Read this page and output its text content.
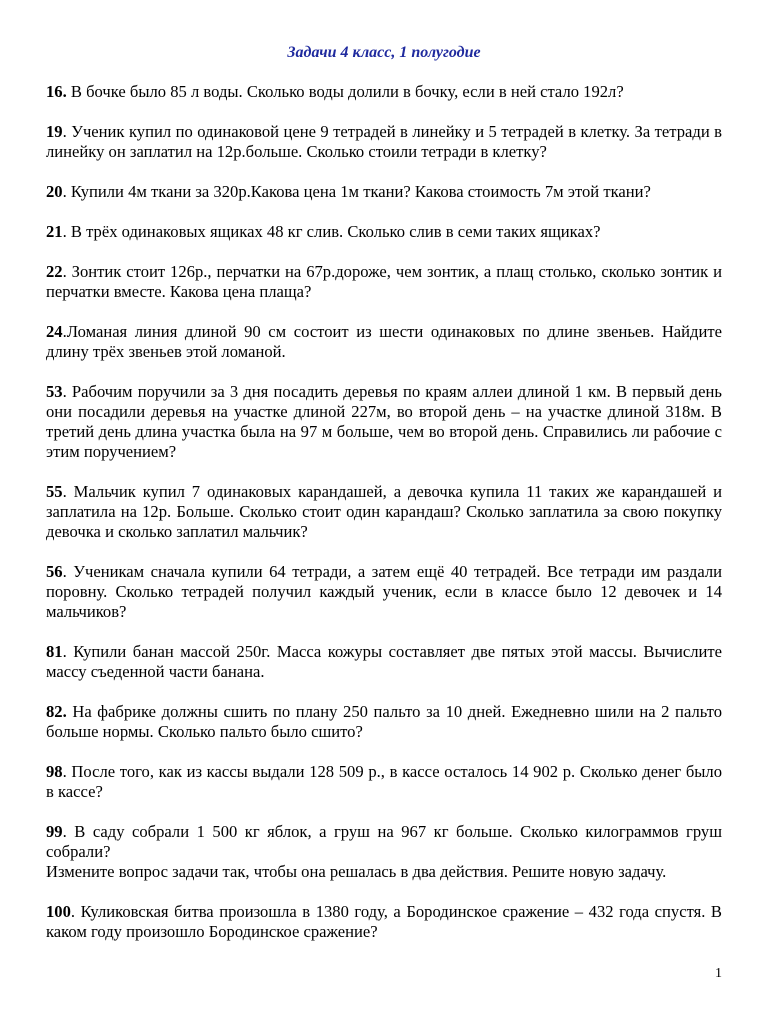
Задачи 4 класс, 1 полугодие

16. В бочке было 85 л воды. Сколько воды долили в бочку, если в ней стало 192л?

19. Ученик купил по одинаковой цене 9 тетрадей в линейку и 5 тетрадей в клетку. За тетради в линейку он заплатил на 12р.больше. Сколько стоили тетради в клетку?

20. Купили 4м ткани за 320р.Какова цена 1м ткани? Какова стоимость 7м этой ткани?

21. В трёх одинаковых ящиках 48 кг слив. Сколько слив в семи таких ящиках?

22. Зонтик стоит 126р., перчатки на 67р.дороже, чем зонтик, а плащ столько, сколько зонтик и перчатки вместе. Какова цена плаща?

24.Ломаная линия длиной 90 см состоит из шести одинаковых по длине звеньев. Найдите длину трёх звеньев этой ломаной.

53. Рабочим поручили за 3 дня посадить деревья по краям аллеи длиной 1 км. В первый день они посадили деревья на участке длиной 227м, во второй день – на участке длиной 318м. В третий день длина участка была на 97 м больше, чем во второй день. Справились ли рабочие с этим поручением?

55. Мальчик купил 7 одинаковых карандашей, а девочка купила 11 таких же карандашей и заплатила на 12р. Больше. Сколько стоит один карандаш? Сколько заплатила за свою покупку девочка и сколько заплатил мальчик?

56. Ученикам сначала купили 64 тетради, а затем ещё 40 тетрадей. Все тетради им раздали поровну. Сколько тетрадей получил каждый ученик, если в классе было 12 девочек и 14 мальчиков?

81. Купили банан массой 250г. Масса кожуры составляет две пятых этой массы. Вычислите массу съеденной части банана.

82. На фабрике должны сшить по плану 250 пальто за 10 дней. Ежедневно шили на 2 пальто больше нормы. Сколько пальто было сшито?

98. После того, как из кассы выдали 128 509 р., в кассе осталось 14 902 р. Сколько денег было в кассе?

99. В саду собрали 1 500 кг яблок, а груш на 967 кг больше. Сколько килограммов груш собрали?

Измените вопрос задачи так, чтобы она решалась в два действия. Решите новую задачу.

100. Куликовская битва произошла в 1380 году, а Бородинское сражение – 432 года спустя. В каком году произошло Бородинское сражение?

1
